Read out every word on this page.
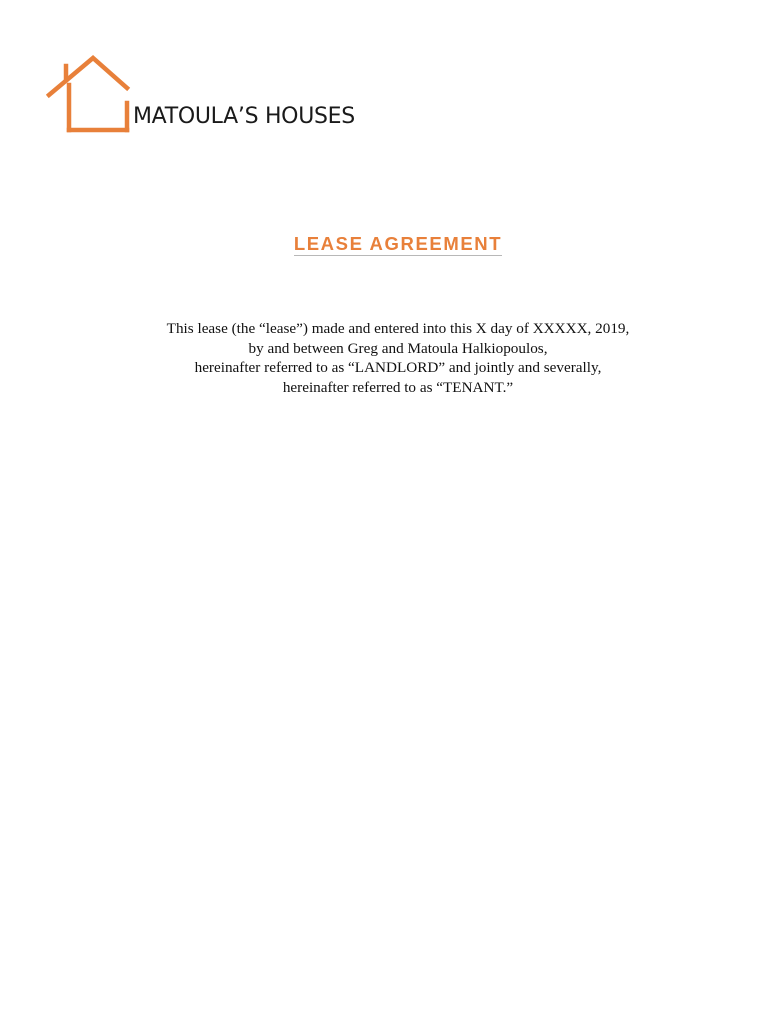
MATOULA’S HOUSES
LEASE AGREEMENT
This lease (the “lease”) made and entered into this X day of XXXXX, 2019,
by and between Greg and Matoula Halkiopoulos,
hereinafter referred to as “LANDLORD” and jointly and severally,
hereinafter referred to as “TENANT.”
